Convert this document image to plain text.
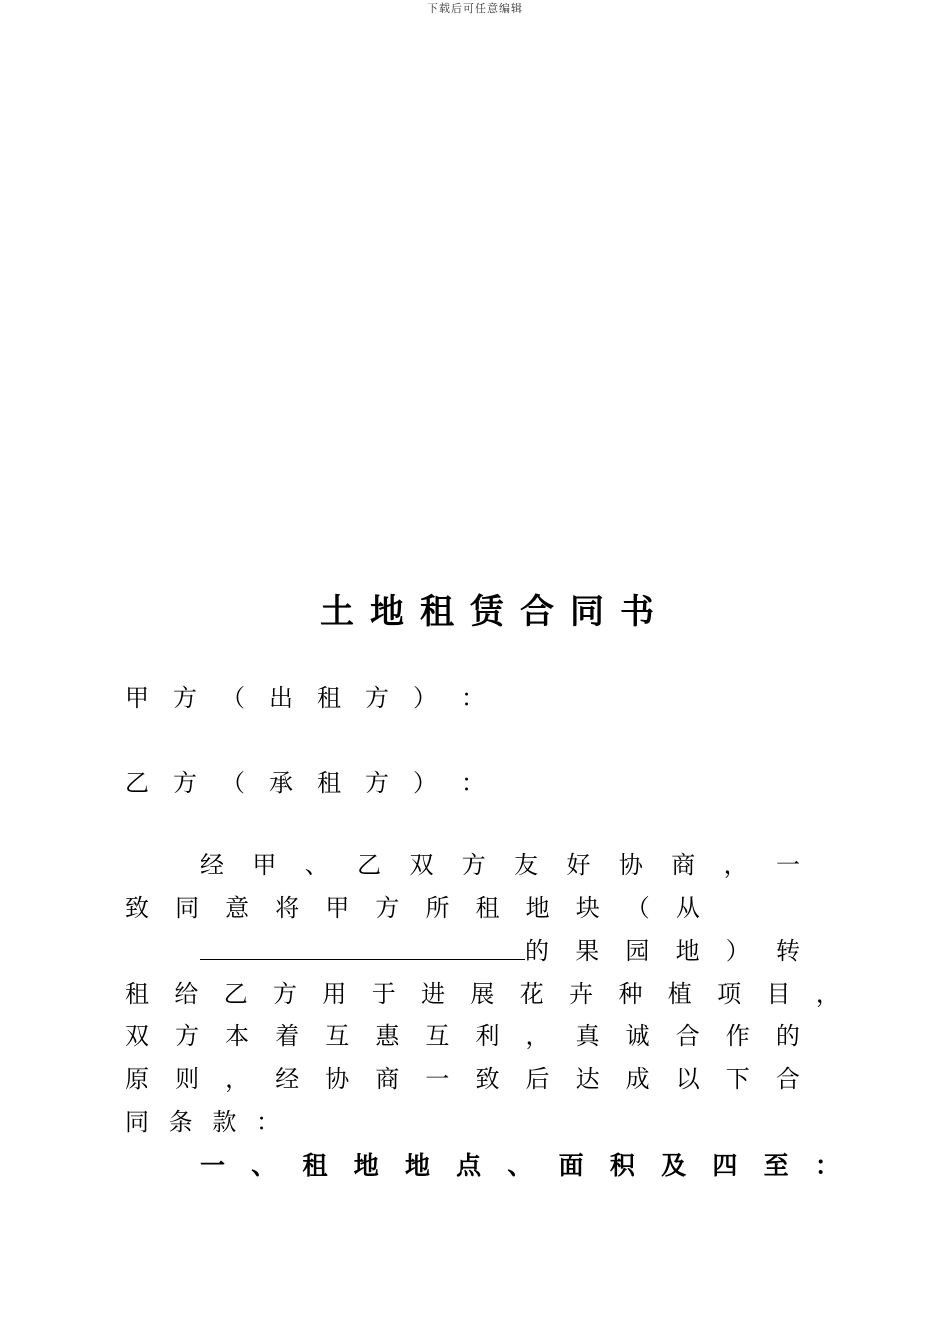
下载后可任意编辑
土地租赁合同书
甲 方 （ 出 租 方 ） ：
乙 方 （ 承 租 方 ） ：
经 甲 、 乙 双 方 友 好 协 商 ， 一
致 同 意 将 甲 方 所 租 地 块 （ 从
的 果 园 地 ） 转
租 给 乙 方 用 于 进 展 花 卉 种 植 项 目 ，
双 方 本 着 互 惠 互 利 ， 真 诚 合 作 的
原 则 ， 经 协 商 一 致 后 达 成 以 下 合
同 条 款 ：
一 、 租 地 地 点 、 面 积 及 四 至 ：
